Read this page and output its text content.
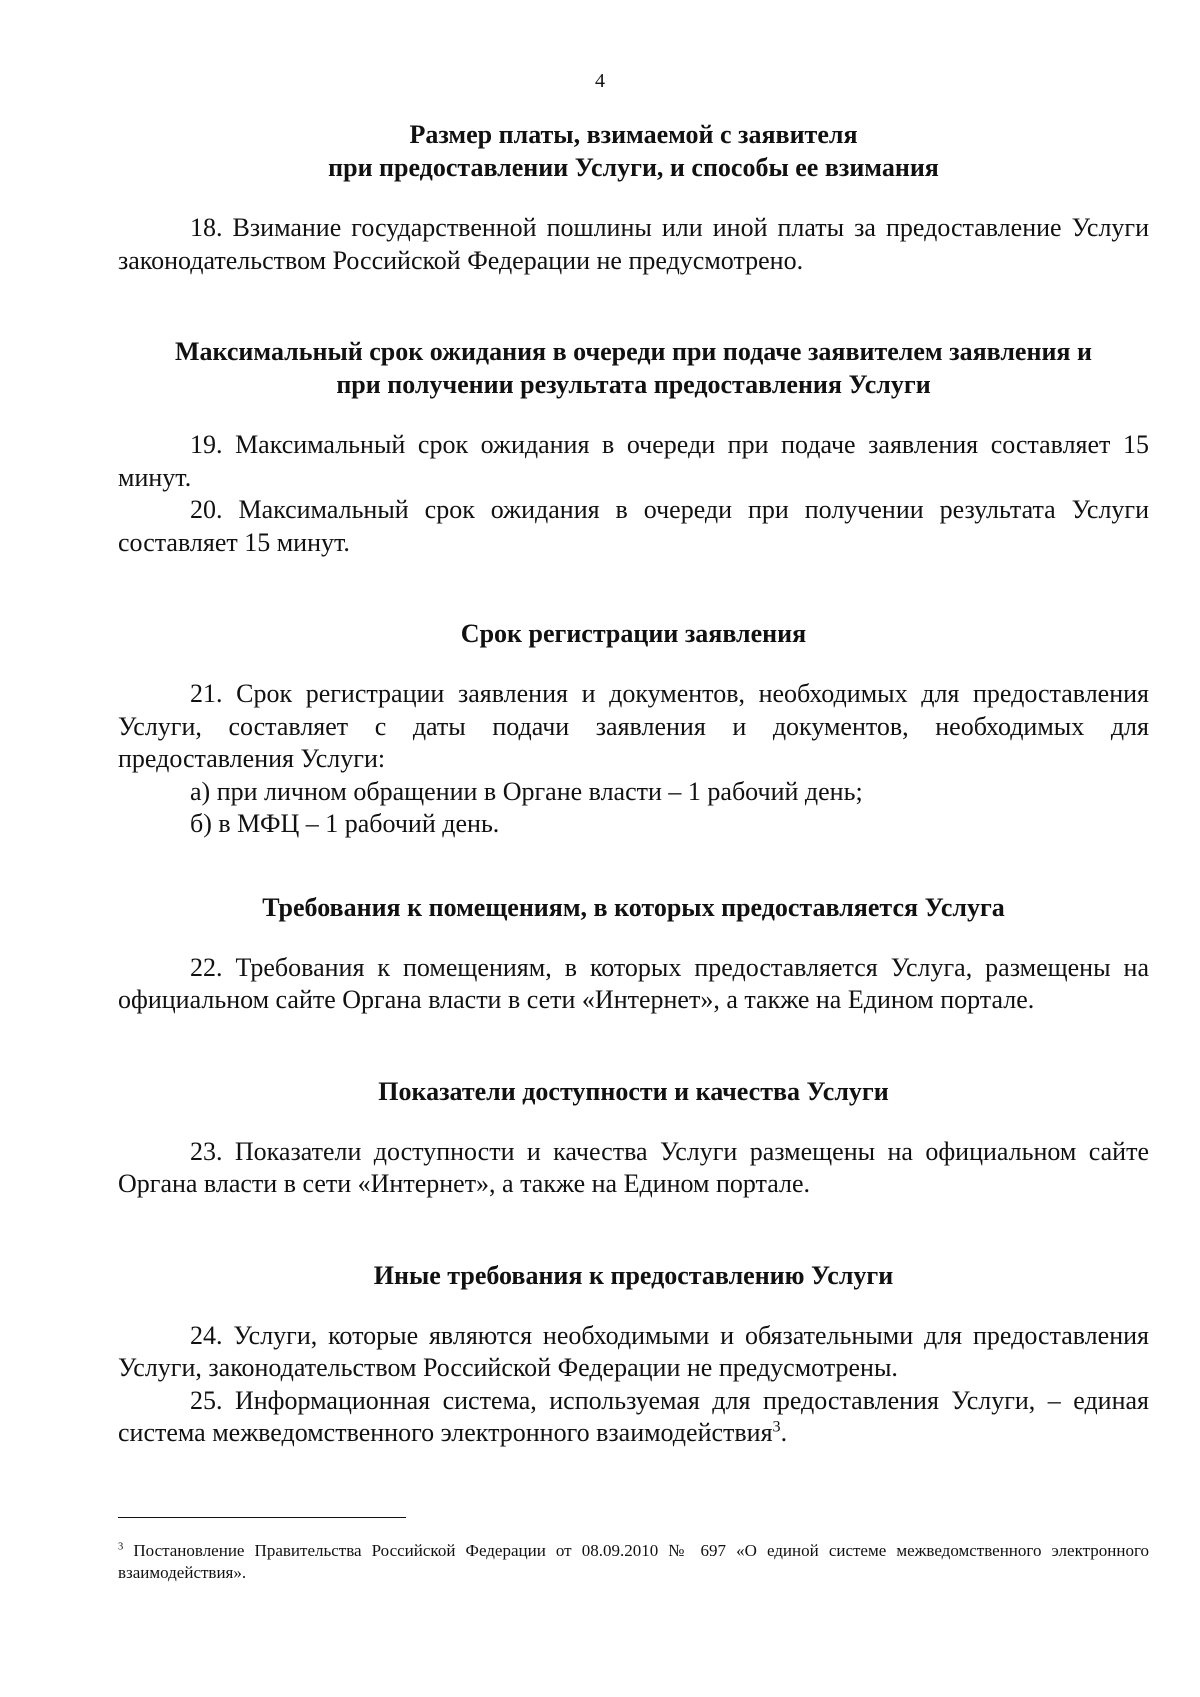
4
Размер платы, взимаемой с заявителя
при предоставлении Услуги, и способы ее взимания

18. Взимание государственной пошлины или иной платы за предоставление Услуги законодательством Российской Федерации не предусмотрено.

Максимальный срок ожидания в очереди при подаче заявителем заявления и
при получении результата предоставления Услуги

19. Максимальный срок ожидания в очереди при подаче заявления составляет 15 минут.

20. Максимальный срок ожидания в очереди при получении результата Услуги составляет 15 минут.

Срок регистрации заявления

21. Срок регистрации заявления и документов, необходимых для предоставления Услуги, составляет с даты подачи заявления и документов, необходимых для предоставления Услуги:

а) при личном обращении в Органе власти – 1 рабочий день;

б) в МФЦ – 1 рабочий день.

Требования к помещениям, в которых предоставляется Услуга

22. Требования к помещениям, в которых предоставляется Услуга, размещены на официальном сайте Органа власти в сети «Интернет», а также на Едином портале.

Показатели доступности и качества Услуги

23. Показатели доступности и качества Услуги размещены на официальном сайте Органа власти в сети «Интернет», а также на Едином портале.

Иные требования к предоставлению Услуги

24. Услуги, которые являются необходимыми и обязательными для предоставления Услуги, законодательством Российской Федерации не предусмотрены.

25. Информационная система, используемая для предоставления Услуги, – единая система межведомственного электронного взаимодействия$^3$.

$^3$ Постановление Правительства Российской Федерации от 08.09.2010 № 697 «О единой системе межведомственного электронного взаимодействия».
